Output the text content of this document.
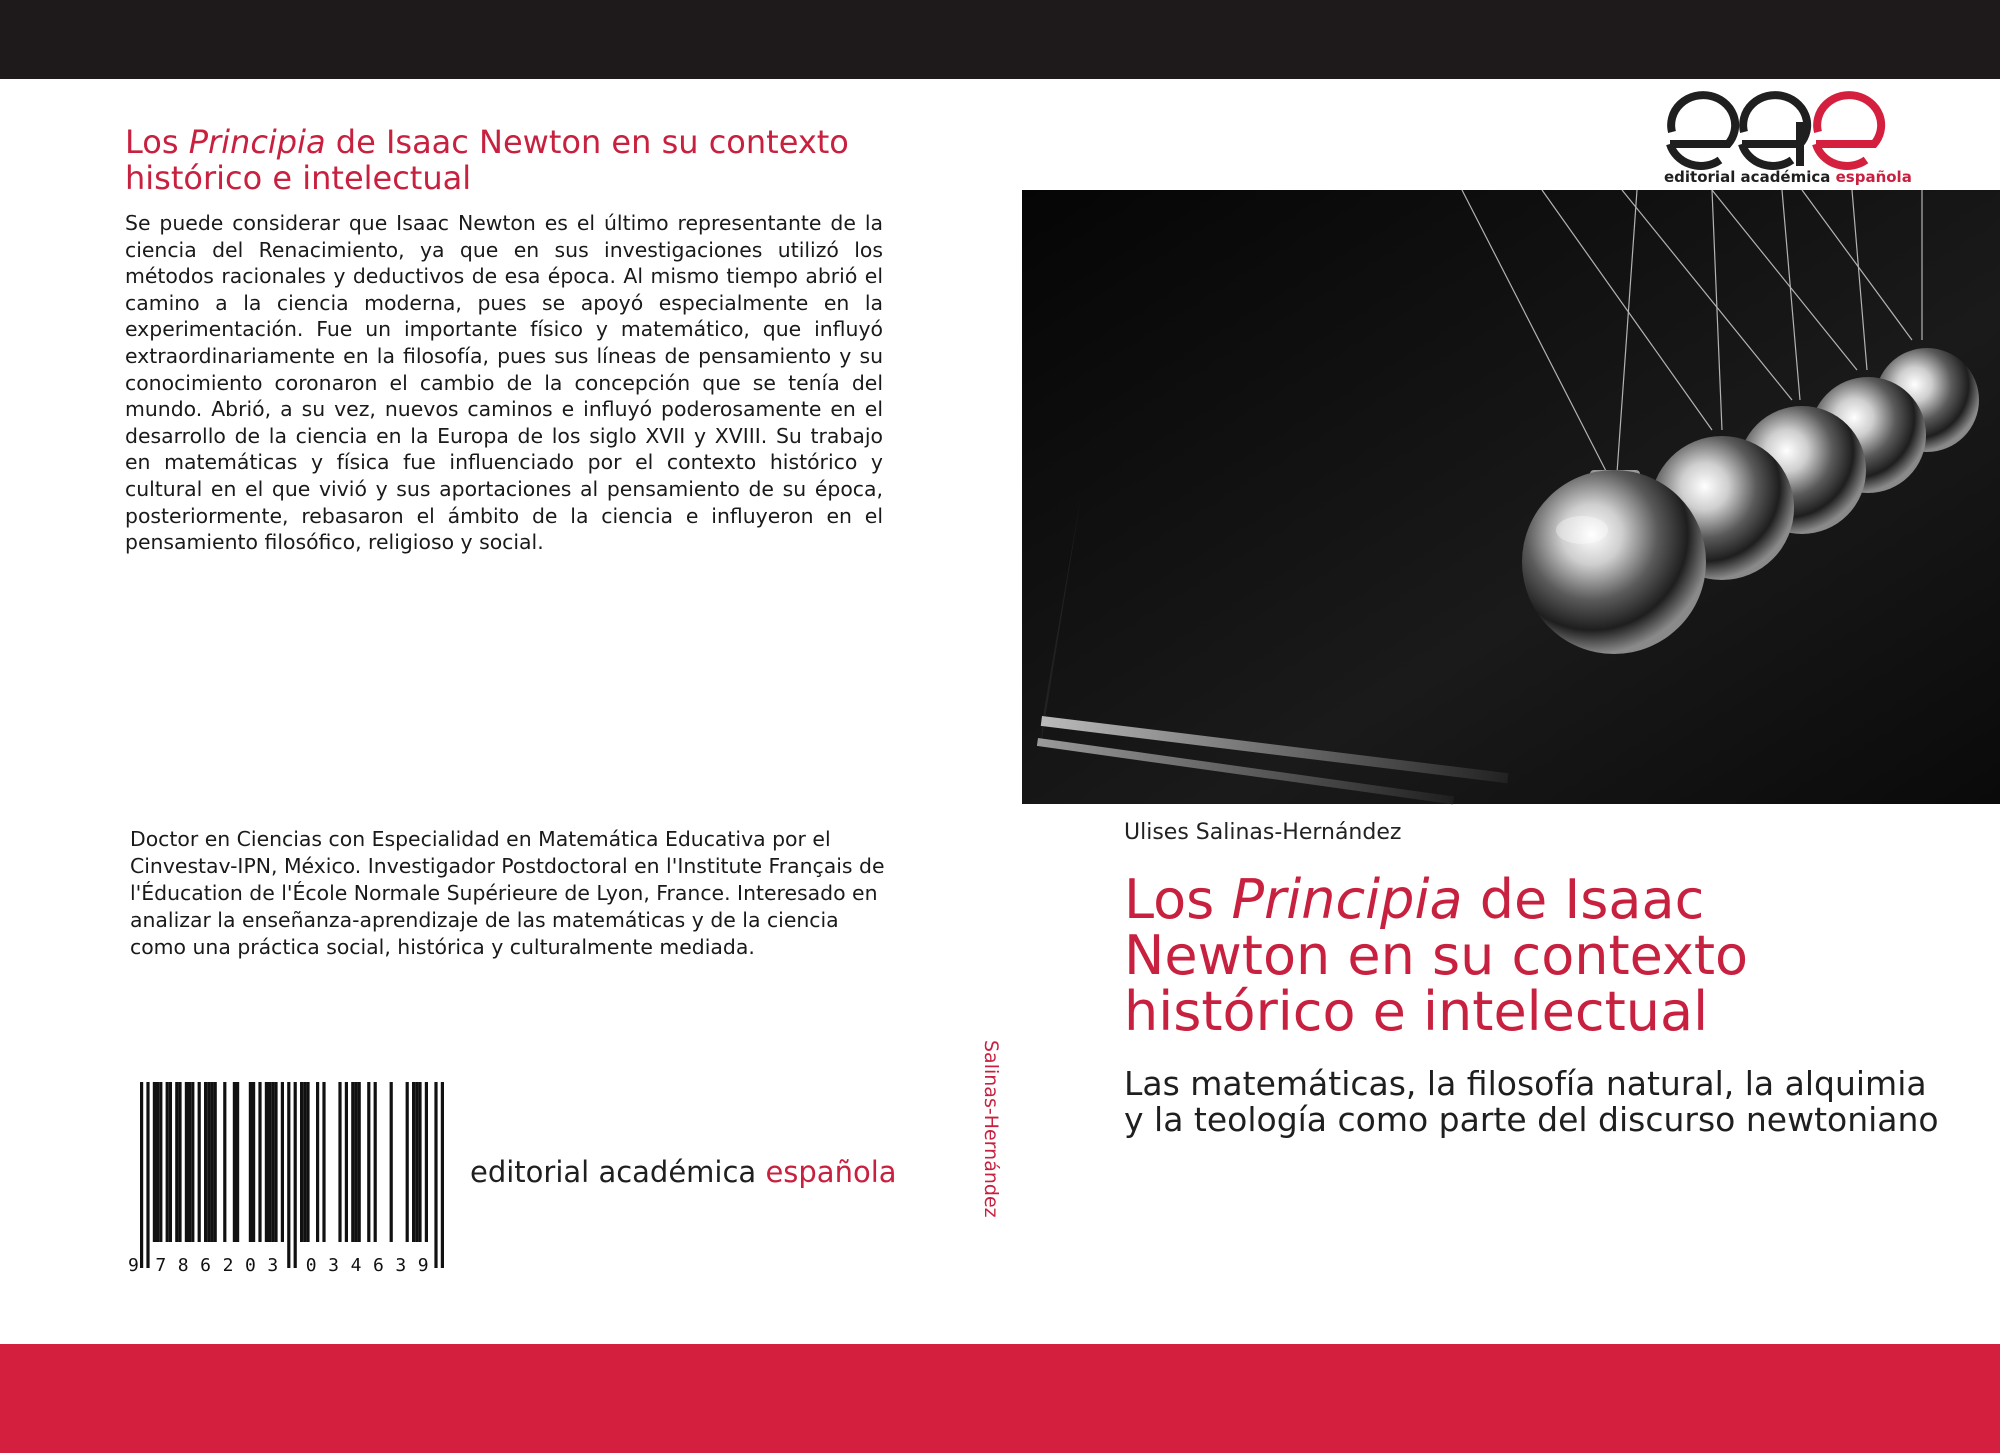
Los Principia de Isaac Newton en su contexto histórico e intelectual
Se puede considerar que Isaac Newton es el último representante de la ciencia del Renacimiento, ya que en sus investigaciones utilizó los métodos racionales y deductivos de esa época. Al mismo tiempo abrió el camino a la ciencia moderna, pues se apoyó especialmente en la experimentación. Fue un importante físico y matemático, que influyó extraordinariamente en la filosofía, pues sus líneas de pensamiento y su conocimiento coronaron el cambio de la concepción que se tenía del mundo. Abrió, a su vez, nuevos caminos e influyó poderosamente en el desarrollo de la ciencia en la Europa de los siglo XVII y XVIII. Su trabajo en matemáticas y física fue influenciado por el contexto histórico y cultural en el que vivió y sus aportaciones al pensamiento de su época, posteriormente, rebasaron el ámbito de la ciencia e influyeron en el pensamiento filosófico, religioso y social.
Doctor en Ciencias con Especialidad en Matemática Educativa por el Cinvestav-IPN, México. Investigador Postdoctoral en l'Institute Français de l'Éducation de l'École Normale Supérieure de Lyon, France. Interesado en analizar la enseñanza-aprendizaje de las matemáticas y de la ciencia como una práctica social, histórica y culturalmente mediada.
9 7 8 6 2 0 3 0 3 4 6 3 9
editorial académica española	Salinas-Hernández
editorial académica española
Ulises Salinas-Hernández
Los Principia de Isaac Newton en su contexto histórico e intelectual
Las matemáticas, la filosofía natural, la alquimia y la teología como parte del discurso newtoniano
